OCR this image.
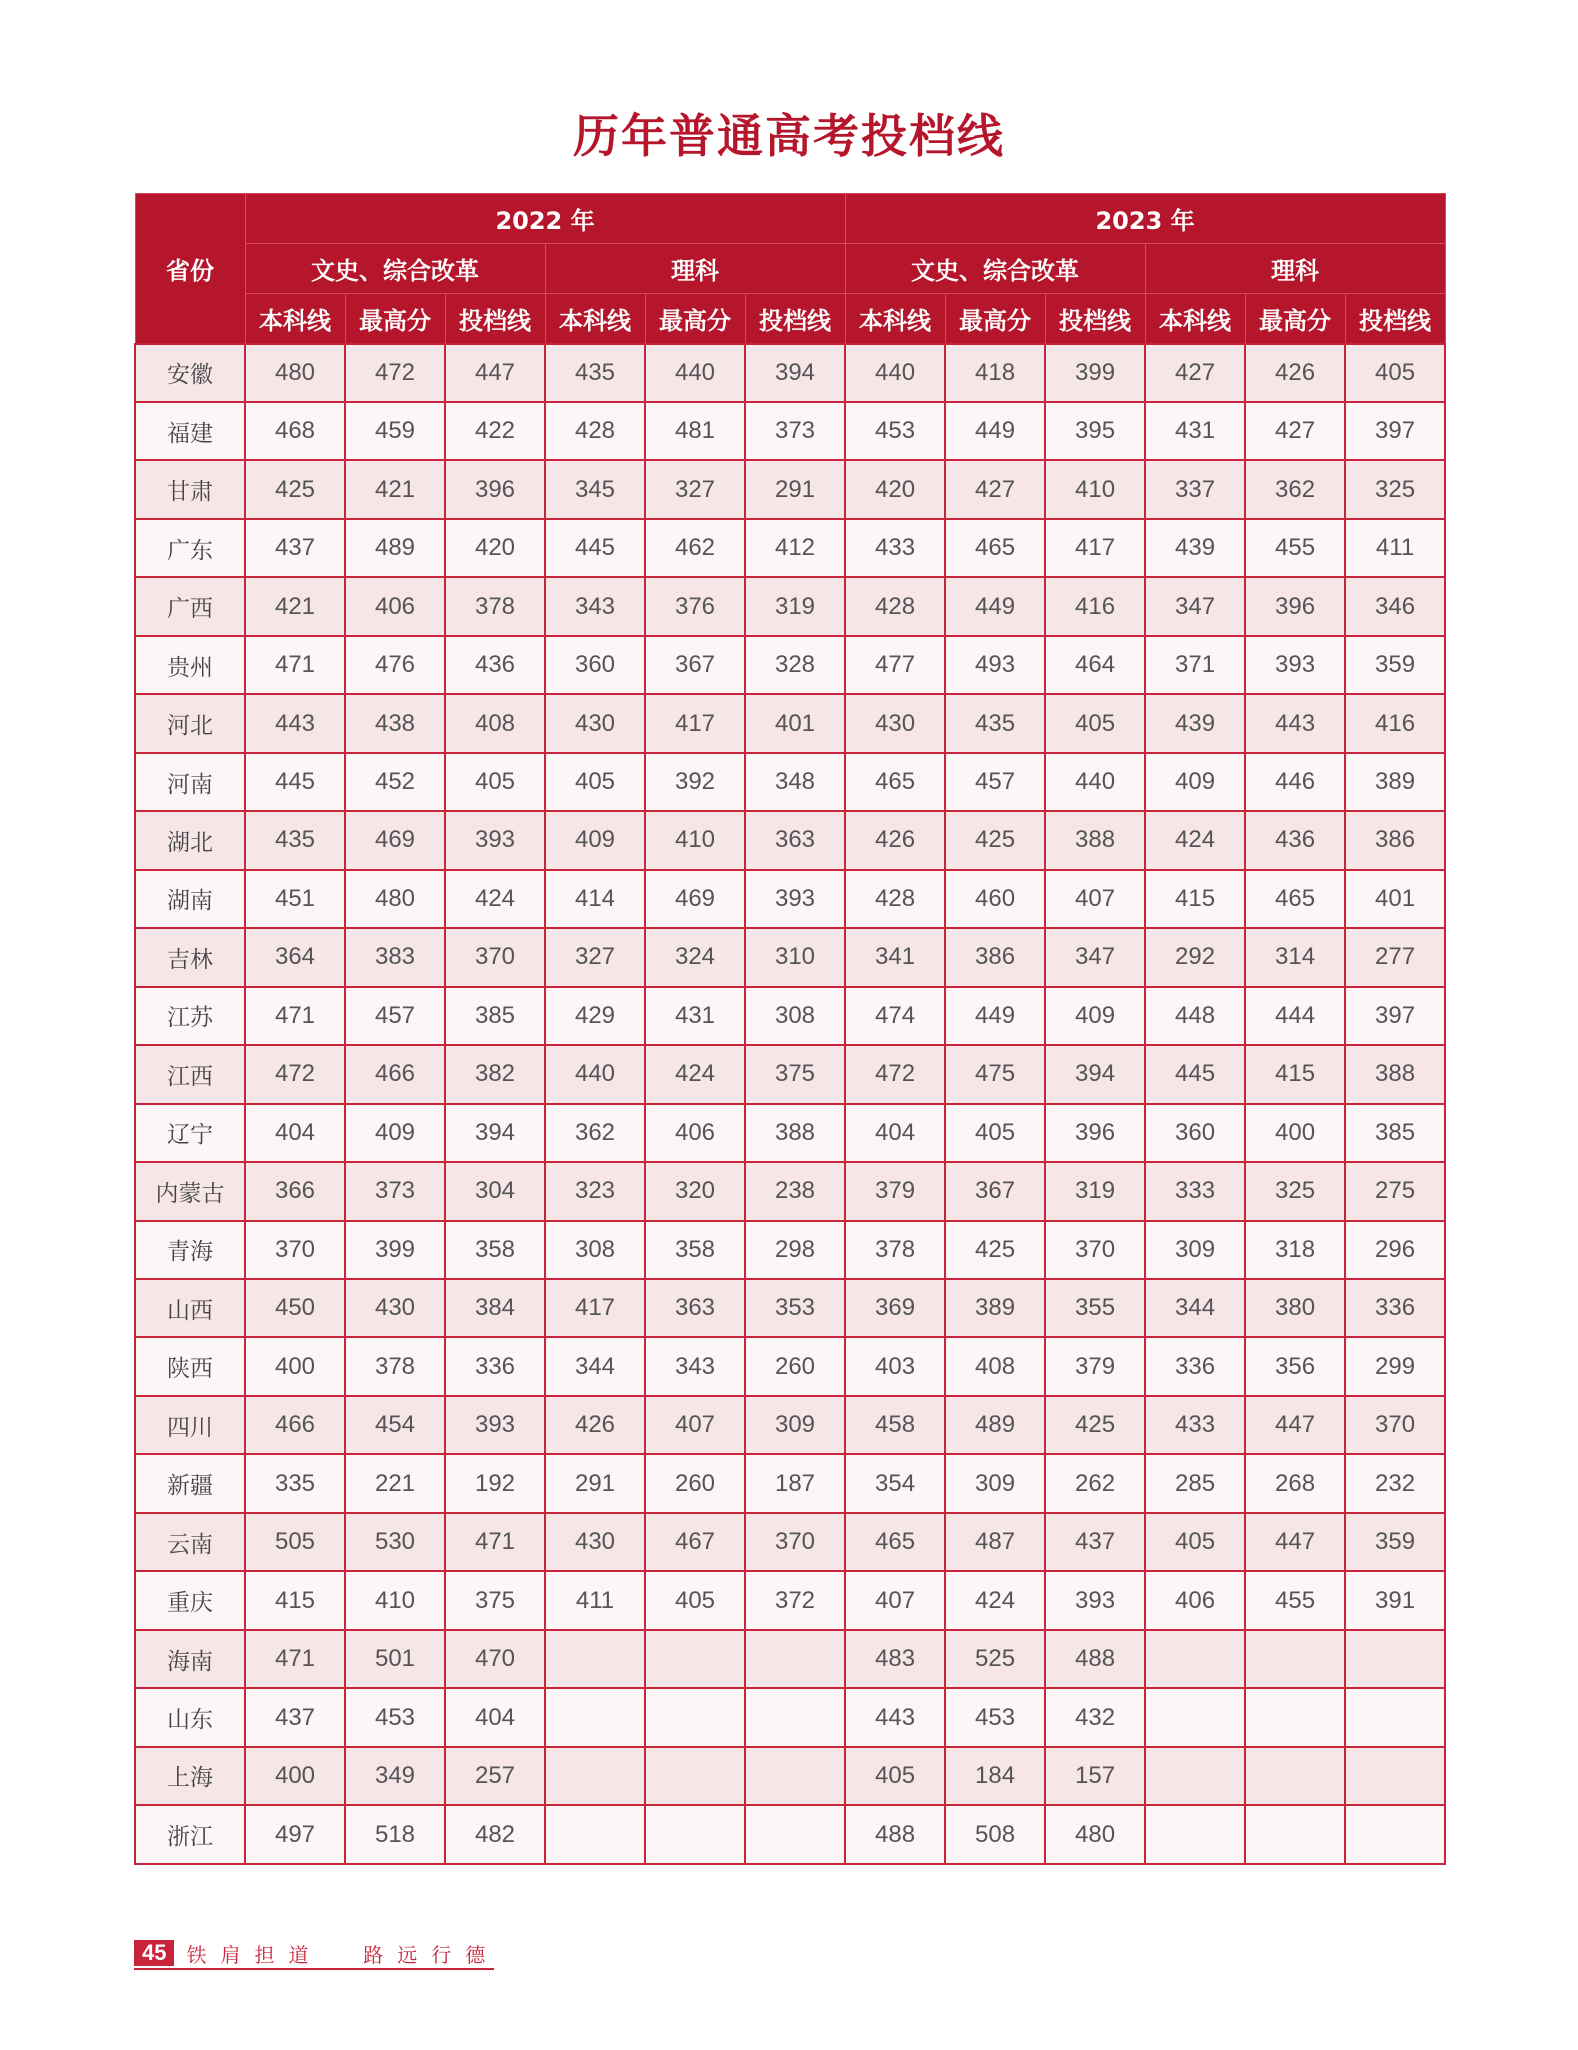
历年普通高考投档线
省份	2022 年						2023 年					
	文史、综合改革			理科			文史、综合改革			理科		
	本科线	最高分	投档线	本科线	最高分	投档线	本科线	最高分	投档线	本科线	最高分	投档线
安徽	480	472	447	435	440	394	440	418	399	427	426	405
福建	468	459	422	428	481	373	453	449	395	431	427	397
甘肃	425	421	396	345	327	291	420	427	410	337	362	325
广东	437	489	420	445	462	412	433	465	417	439	455	411
广西	421	406	378	343	376	319	428	449	416	347	396	346
贵州	471	476	436	360	367	328	477	493	464	371	393	359
河北	443	438	408	430	417	401	430	435	405	439	443	416
河南	445	452	405	405	392	348	465	457	440	409	446	389
湖北	435	469	393	409	410	363	426	425	388	424	436	386
湖南	451	480	424	414	469	393	428	460	407	415	465	401
吉林	364	383	370	327	324	310	341	386	347	292	314	277
江苏	471	457	385	429	431	308	474	449	409	448	444	397
江西	472	466	382	440	424	375	472	475	394	445	415	388
辽宁	404	409	394	362	406	388	404	405	396	360	400	385
内蒙古	366	373	304	323	320	238	379	367	319	333	325	275
青海	370	399	358	308	358	298	378	425	370	309	318	296
山西	450	430	384	417	363	353	369	389	355	344	380	336
陕西	400	378	336	344	343	260	403	408	379	336	356	299
四川	466	454	393	426	407	309	458	489	425	433	447	370
新疆	335	221	192	291	260	187	354	309	262	285	268	232
云南	505	530	471	430	467	370	465	487	437	405	447	359
重庆	415	410	375	411	405	372	407	424	393	406	455	391
海南	471	501	470				483	525	488			
山东	437	453	404				443	453	432			
上海	400	349	257				405	184	157			
浙江	497	518	482				488	508	480			
45	铁肩担道  路远行德
